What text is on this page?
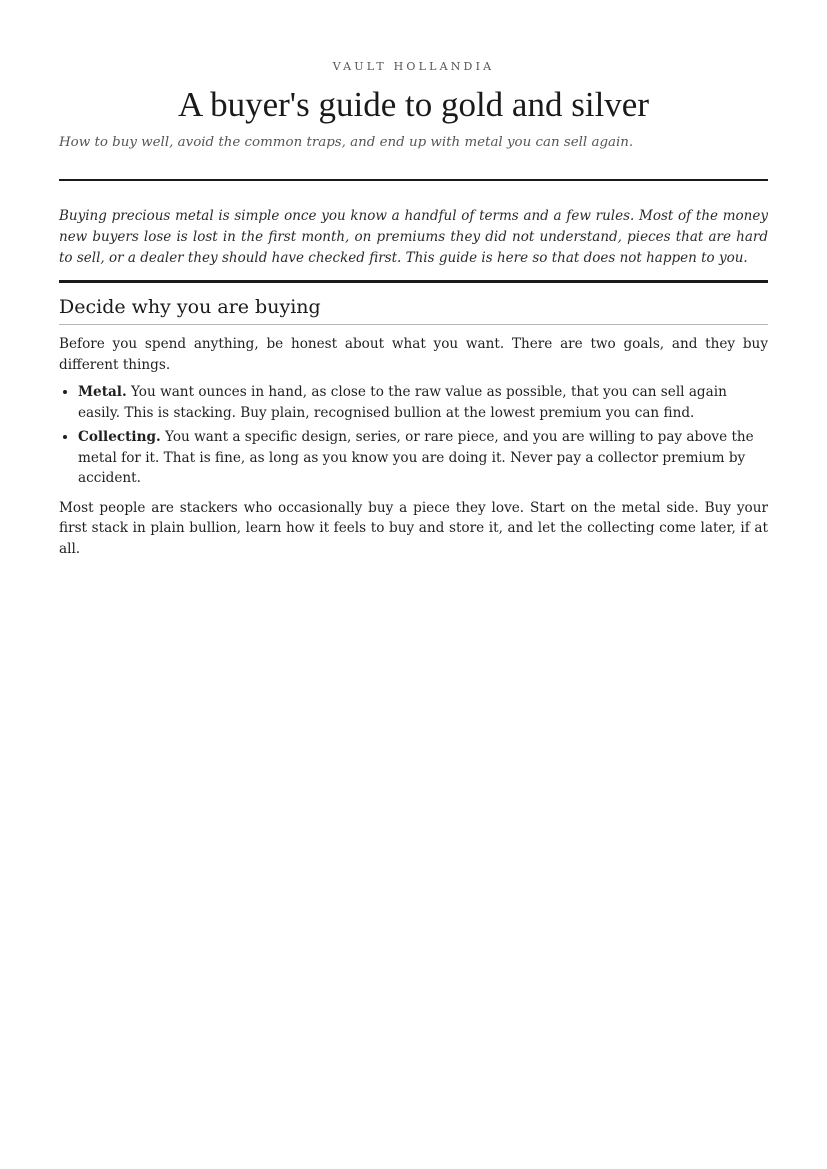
VAULT HOLLANDIA

A buyer's guide to gold and silver

How to buy well, avoid the common traps, and end up with metal you can sell again.

Buying precious metal is simple once you know a handful of terms and a few rules. Most of the money new buyers lose is lost in the first month, on premiums they did not understand, pieces that are hard to sell, or a dealer they should have checked first. This guide is here so that does not happen to you.

Decide why you are buying

Before you spend anything, be honest about what you want. There are two goals, and they buy different things.

• Metal. You want ounces in hand, as close to the raw value as possible, that you can sell again easily. This is stacking. Buy plain, recognised bullion at the lowest premium you can find.
• Collecting. You want a specific design, series, or rare piece, and you are willing to pay above the metal for it. That is fine, as long as you know you are doing it. Never pay a collector premium by accident.

Most people are stackers who occasionally buy a piece they love. Start on the metal side. Buy your first stack in plain bullion, learn how it feels to buy and store it, and let the collecting come later, if at all.
